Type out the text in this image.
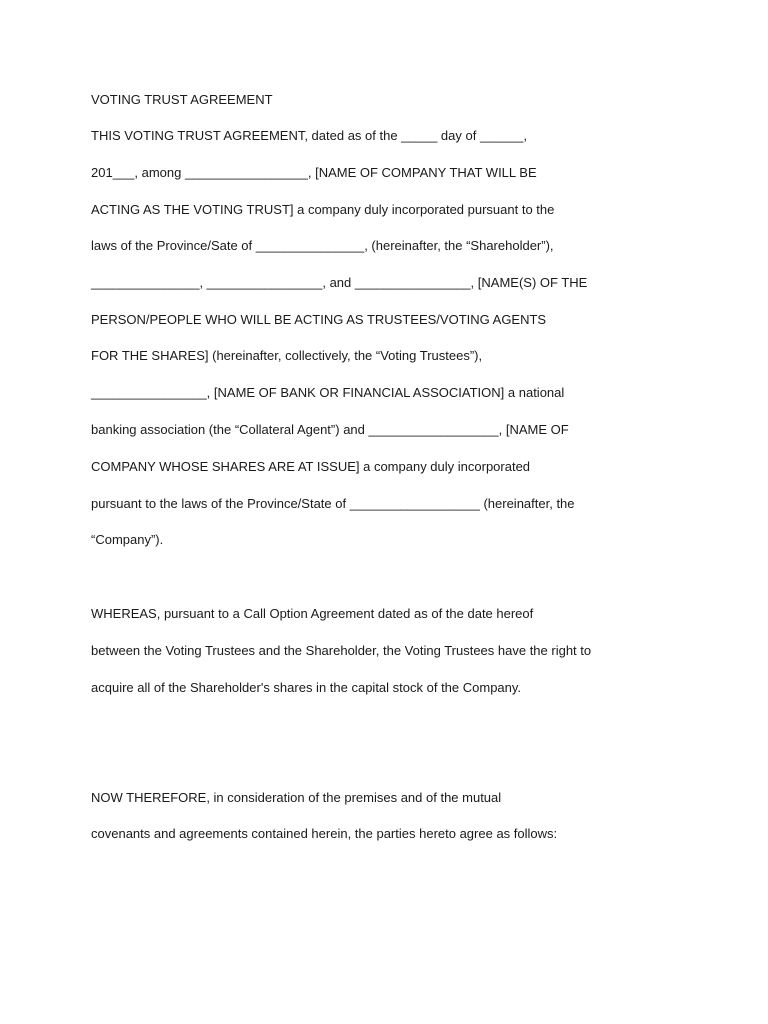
VOTING TRUST AGREEMENT
THIS VOTING TRUST AGREEMENT, dated as of the _____ day of ______,
201___, among _________________, [NAME OF COMPANY THAT WILL BE
ACTING AS THE VOTING TRUST] a company duly incorporated pursuant to the
laws of the Province/Sate of _______________, (hereinafter, the “Shareholder”),
_______________, ________________, and ________________, [NAME(S) OF THE
PERSON/PEOPLE WHO WILL BE ACTING AS TRUSTEES/VOTING AGENTS
FOR THE SHARES] (hereinafter, collectively, the “Voting Trustees”),
________________, [NAME OF BANK OR FINANCIAL ASSOCIATION] a national
banking association (the “Collateral Agent”) and __________________, [NAME OF
COMPANY WHOSE SHARES ARE AT ISSUE] a company duly incorporated
pursuant to the laws of the Province/State of __________________ (hereinafter, the
“Company”).
WHEREAS, pursuant to a Call Option Agreement dated as of the date hereof
between the Voting Trustees and the Shareholder, the Voting Trustees have the right to
acquire all of the Shareholder's shares in the capital stock of the Company.
NOW THEREFORE, in consideration of the premises and of the mutual
covenants and agreements contained herein, the parties hereto agree as follows:
